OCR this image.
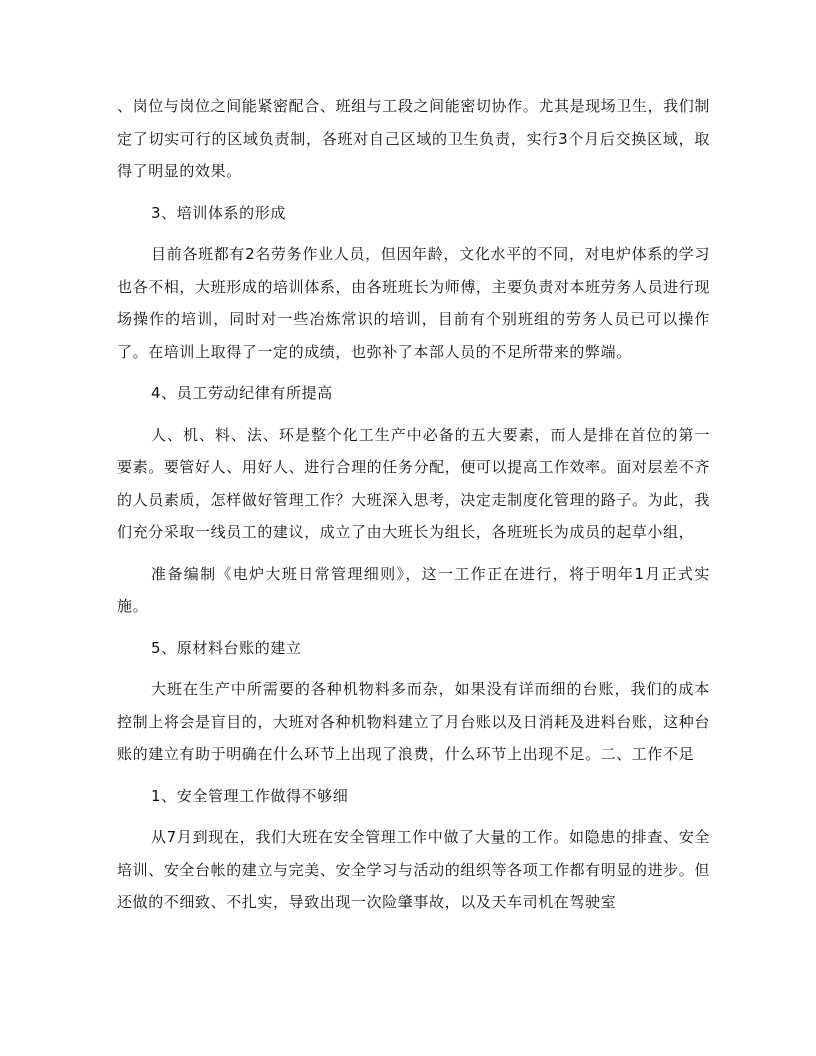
、岗位与岗位之间能紧密配合、班组与工段之间能密切协作。尤其是现场卫生，我们制定了切实可行的区域负责制，各班对自己区域的卫生负责，实行3个月后交换区域，取得了明显的效果。

3、培训体系的形成

目前各班都有2名劳务作业人员，但因年龄，文化水平的不同，对电炉体系的学习也各不相，大班形成的培训体系，由各班班长为师傅，主要负责对本班劳务人员进行现场操作的培训，同时对一些冶炼常识的培训，目前有个别班组的劳务人员已可以操作了。在培训上取得了一定的成绩，也弥补了本部人员的不足所带来的弊端。

4、员工劳动纪律有所提高

人、机、料、法、环是整个化工生产中必备的五大要素，而人是排在首位的第一要素。要管好人、用好人、进行合理的任务分配，便可以提高工作效率。面对层差不齐的人员素质，怎样做好管理工作？大班深入思考，决定走制度化管理的路子。为此，我们充分采取一线员工的建议，成立了由大班长为组长，各班班长为成员的起草小组，

准备编制《电炉大班日常管理细则》，这一工作正在进行，将于明年1月正式实施。

5、原材料台账的建立

大班在生产中所需要的各种机物料多而杂，如果没有详而细的台账，我们的成本控制上将会是盲目的，大班对各种机物料建立了月台账以及日消耗及进料台账，这种台账的建立有助于明确在什么环节上出现了浪费，什么环节上出现不足。二、工作不足

1、安全管理工作做得不够细

从7月到现在，我们大班在安全管理工作中做了大量的工作。如隐患的排查、安全培训、安全台帐的建立与完美、安全学习与活动的组织等各项工作都有明显的进步。但还做的不细致、不扎实，导致出现一次险肇事故，以及天车司机在驾驶室
